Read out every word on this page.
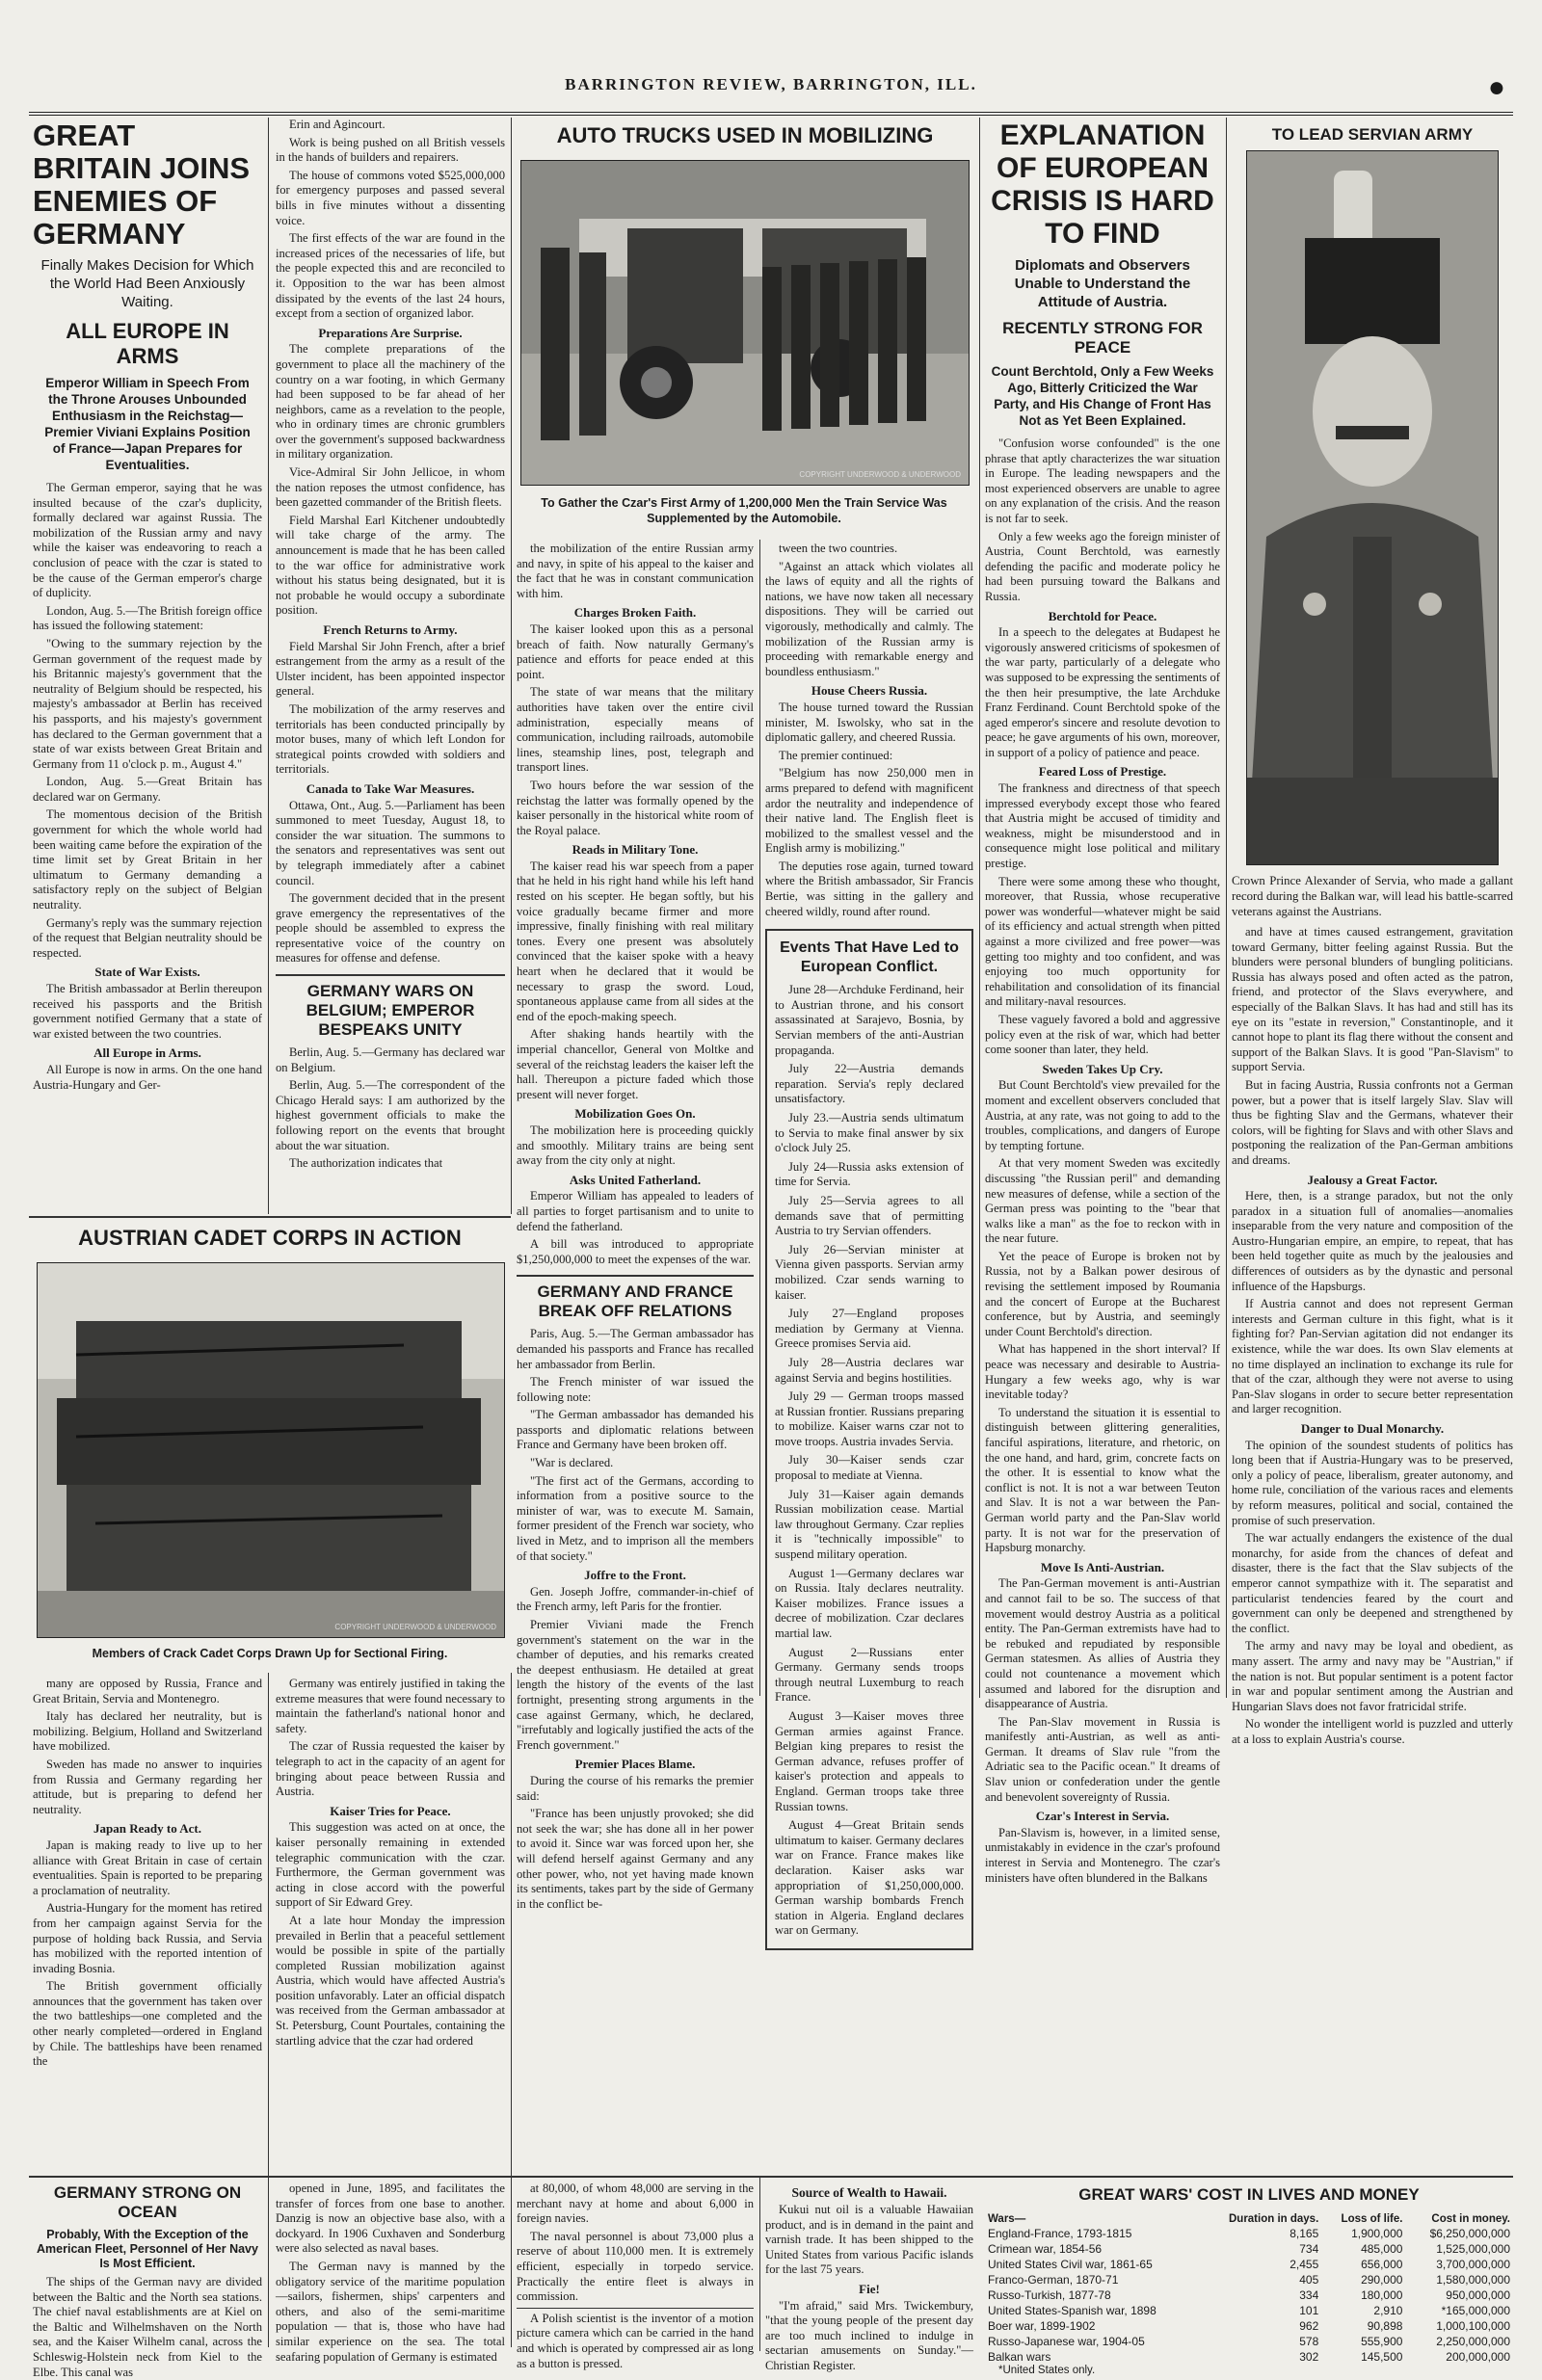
BARRINGTON REVIEW, BARRINGTON, ILL.	●
GREAT BRITAIN JOINS ENEMIES OF GERMANY
Finally Makes Decision for Which the World Had Been Anxiously Waiting.
ALL EUROPE IN ARMS
Emperor William in Speech From the Throne Arouses Unbounded Enthusiasm in the Reichstag—Premier Viviani Explains Position of France—Japan Prepares for Eventualities.

The German emperor, saying that he was insulted because of the czar's duplicity, formally declared war against Russia. The mobilization of the Russian army and navy while the kaiser was endeavoring to reach a conclusion of peace with the czar is stated to be the cause of the German emperor's charge of duplicity.

London, Aug. 5.—The British foreign office has issued the following statement:

"Owing to the summary rejection by the German government of the request made by his Britannic majesty's government that the neutrality of Belgium should be respected, his majesty's ambassador at Berlin has received his passports, and his majesty's government has declared to the German government that a state of war exists between Great Britain and Germany from 11 o'clock p. m., August 4."

London, Aug. 5.—Great Britain has declared war on Germany.

The momentous decision of the British government for which the whole world had been waiting came before the expiration of the time limit set by Great Britain in her ultimatum to Germany demanding a satisfactory reply on the subject of Belgian neutrality.

Germany's reply was the summary rejection of the request that Belgian neutrality should be respected.

State of War Exists.

The British ambassador at Berlin thereupon received his passports and the British government notified Germany that a state of war existed between the two countries.

All Europe in Arms.

All Europe is now in arms. On the one hand Austria-Hungary and Ger-

Erin and Agincourt.

Work is being pushed on all British vessels in the hands of builders and repairers.

The house of commons voted $525,000,000 for emergency purposes and passed several bills in five minutes without a dissenting voice.

The first effects of the war are found in the increased prices of the necessaries of life, but the people expected this and are reconciled to it. Opposition to the war has been almost dissipated by the events of the last 24 hours, except from a section of organized labor.

Preparations Are Surprise.

The complete preparations of the government to place all the machinery of the country on a war footing, in which Germany had been supposed to be far ahead of her neighbors, came as a revelation to the people, who in ordinary times are chronic grumblers over the government's supposed backwardness in military organization.

Vice-Admiral Sir John Jellicoe, in whom the nation reposes the utmost confidence, has been gazetted commander of the British fleets.

Field Marshal Earl Kitchener undoubtedly will take charge of the army. The announcement is made that he has been called to the war office for administrative work without his status being designated, but it is not probable he would occupy a subordinate position.

French Returns to Army.

Field Marshal Sir John French, after a brief estrangement from the army as a result of the Ulster incident, has been appointed inspector general.

The mobilization of the army reserves and territorials has been conducted principally by motor buses, many of which left London for strategical points crowded with soldiers and territorials.

Canada to Take War Measures.

Ottawa, Ont., Aug. 5.—Parliament has been summoned to meet Tuesday, August 18, to consider the war situation. The summons to the senators and representatives was sent out by telegraph immediately after a cabinet council.

The government decided that in the present grave emergency the representatives of the people should be assembled to express the representative voice of the country on measures for offense and defense.

GERMANY WARS ON BELGIUM; EMPEROR BESPEAKS UNITY

Berlin, Aug. 5.—Germany has declared war on Belgium.

Berlin, Aug. 5.—The correspondent of the Chicago Herald says: I am authorized by the highest government officials to make the following report on the events that brought about the war situation.

The authorization indicates that

AUTO TRUCKS USED IN MOBILIZING
COPYRIGHT UNDERWOOD & UNDERWOOD
To Gather the Czar's First Army of 1,200,000 Men the Train Service Was Supplemented by the Automobile.

the mobilization of the entire Russian army and navy, in spite of his appeal to the kaiser and the fact that he was in constant communication with him.

Charges Broken Faith.

The kaiser looked upon this as a personal breach of faith. Now naturally Germany's patience and efforts for peace ended at this point.

The state of war means that the military authorities have taken over the entire civil administration, especially means of communication, including railroads, automobile lines, steamship lines, post, telegraph and transport lines.

Two hours before the war session of the reichstag the latter was formally opened by the kaiser personally in the historical white room of the Royal palace.

Reads in Military Tone.

The kaiser read his war speech from a paper that he held in his right hand while his left hand rested on his scepter. He began softly, but his voice gradually became firmer and more impressive, finally finishing with real military tones. Every one present was absolutely convinced that the kaiser spoke with a heavy heart when he declared that it would be necessary to grasp the sword. Loud, spontaneous applause came from all sides at the end of the epoch-making speech.

After shaking hands heartily with the imperial chancellor, General von Moltke and several of the reichstag leaders the kaiser left the hall. Thereupon a picture faded which those present will never forget.

Mobilization Goes On.

The mobilization here is proceeding quickly and smoothly. Military trains are being sent away from the city only at night.

Asks United Fatherland.

Emperor William has appealed to leaders of all parties to forget partisanism and to unite to defend the fatherland.

A bill was introduced to appropriate $1,250,000,000 to meet the expenses of the war.

GERMANY AND FRANCE BREAK OFF RELATIONS

Paris, Aug. 5.—The German ambassador has demanded his passports and France has recalled her ambassador from Berlin.

The French minister of war issued the following note:

"The German ambassador has demanded his passports and diplomatic relations between France and Germany have been broken off.

"War is declared.

"The first act of the Germans, according to information from a positive source to the minister of war, was to execute M. Samain, former president of the French war society, who lived in Metz, and to imprison all the members of that society."

Joffre to the Front.

Gen. Joseph Joffre, commander-in-chief of the French army, left Paris for the frontier.

Premier Viviani made the French government's statement on the war in the chamber of deputies, and his remarks created the deepest enthusiasm. He detailed at great length the history of the events of the last fortnight, presenting strong arguments in the case against Germany, which, he declared, "irrefutably and logically justified the acts of the French government."

Premier Places Blame.

During the course of his remarks the premier said:

"France has been unjustly provoked; she did not seek the war; she has done all in her power to avoid it. Since war was forced upon her, she will defend herself against Germany and any other power, who, not yet having made known its sentiments, takes part by the side of Germany in the conflict be-

tween the two countries.

"Against an attack which violates all the laws of equity and all the rights of nations, we have now taken all necessary dispositions. They will be carried out vigorously, methodically and calmly. The mobilization of the Russian army is proceeding with remarkable energy and boundless enthusiasm."

House Cheers Russia.

The house turned toward the Russian minister, M. Iswolsky, who sat in the diplomatic gallery, and cheered Russia.

The premier continued:

"Belgium has now 250,000 men in arms prepared to defend with magnificent ardor the neutrality and independence of their native land. The English fleet is mobilized to the smallest vessel and the English army is mobilizing."

The deputies rose again, turned toward where the British ambassador, Sir Francis Bertie, was sitting in the gallery and cheered wildly, round after round.

Events That Have Led to European Conflict.

June 28—Archduke Ferdinand, heir to Austrian throne, and his consort assassinated at Sarajevo, Bosnia, by Servian members of the anti-Austrian propaganda.

July 22—Austria demands reparation. Servia's reply declared unsatisfactory.

July 23.—Austria sends ultimatum to Servia to make final answer by six o'clock July 25.

July 24—Russia asks extension of time for Servia.

July 25—Servia agrees to all demands save that of permitting Austria to try Servian offenders.

July 26—Servian minister at Vienna given passports. Servian army mobilized. Czar sends warning to kaiser.

July 27—England proposes mediation by Germany at Vienna. Greece promises Servia aid.

July 28—Austria declares war against Servia and begins hostilities.

July 29 — German troops massed at Russian frontier. Russians preparing to mobilize. Kaiser warns czar not to move troops. Austria invades Servia.

July 30—Kaiser sends czar proposal to mediate at Vienna.

July 31—Kaiser again demands Russian mobilization cease. Martial law throughout Germany. Czar replies it is "technically impossible" to suspend military operation.

August 1—Germany declares war on Russia. Italy declares neutrality. Kaiser mobilizes. France issues a decree of mobilization. Czar declares martial law.

August 2—Russians enter Germany. Germany sends troops through neutral Luxemburg to reach France.

August 3—Kaiser moves three German armies against France. Belgian king prepares to resist the German advance, refuses proffer of kaiser's protection and appeals to England. German troops take three Russian towns.

August 4—Great Britain sends ultimatum to kaiser. Germany declares war on France. France makes like declaration. Kaiser asks war appropriation of $1,250,000,000. German warship bombards French station in Algeria. England declares war on Germany.

EXPLANATION OF EUROPEAN CRISIS IS HARD TO FIND
Diplomats and Observers Unable to Understand the Attitude of Austria.
RECENTLY STRONG FOR PEACE
Count Berchtold, Only a Few Weeks Ago, Bitterly Criticized the War Party, and His Change of Front Has Not as Yet Been Explained.

"Confusion worse confounded" is the one phrase that aptly characterizes the war situation in Europe. The leading newspapers and the most experienced observers are unable to agree on any explanation of the crisis. And the reason is not far to seek.

Only a few weeks ago the foreign minister of Austria, Count Berchtold, was earnestly defending the pacific and moderate policy he had been pursuing toward the Balkans and Russia.

Berchtold for Peace.

In a speech to the delegates at Budapest he vigorously answered criticisms of spokesmen of the war party, particularly of a delegate who was supposed to be expressing the sentiments of the then heir presumptive, the late Archduke Franz Ferdinand. Count Berchtold spoke of the aged emperor's sincere and resolute devotion to peace; he gave arguments of his own, moreover, in support of a policy of patience and peace.

Feared Loss of Prestige.

The frankness and directness of that speech impressed everybody except those who feared that Austria might be accused of timidity and weakness, might be misunderstood and in consequence might lose political and military prestige.

There were some among these who thought, moreover, that Russia, whose recuperative power was wonderful—whatever might be said of its efficiency and actual strength when pitted against a more civilized and free power—was getting too mighty and too confident, and was enjoying too much opportunity for rehabilitation and consolidation of its financial and military-naval resources.

These vaguely favored a bold and aggressive policy even at the risk of war, which had better come sooner than later, they held.

Sweden Takes Up Cry.

But Count Berchtold's view prevailed for the moment and excellent observers concluded that Austria, at any rate, was not going to add to the troubles, complications, and dangers of Europe by tempting fortune.

At that very moment Sweden was excitedly discussing "the Russian peril" and demanding new measures of defense, while a section of the German press was pointing to the "bear that walks like a man" as the foe to reckon with in the near future.

Yet the peace of Europe is broken not by Russia, not by a Balkan power desirous of revising the settlement imposed by Roumania and the concert of Europe at the Bucharest conference, but by Austria, and seemingly under Count Berchtold's direction.

What has happened in the short interval? If peace was necessary and desirable to Austria-Hungary a few weeks ago, why is war inevitable today?

To understand the situation it is essential to distinguish between glittering generalities, fanciful aspirations, literature, and rhetoric, on the one hand, and hard, grim, concrete facts on the other. It is essential to know what the conflict is not. It is not a war between Teuton and Slav. It is not a war between the Pan-German world party and the Pan-Slav world party. It is not war for the preservation of Hapsburg monarchy.

Move Is Anti-Austrian.

The Pan-German movement is anti-Austrian and cannot fail to be so. The success of that movement would destroy Austria as a political entity. The Pan-German extremists have had to be rebuked and repudiated by responsible German statesmen. As allies of Austria they could not countenance a movement which assumed and labored for the disruption and disappearance of Austria.

The Pan-Slav movement in Russia is manifestly anti-Austrian, as well as anti-German. It dreams of Slav rule "from the Adriatic sea to the Pacific ocean." It dreams of Slav union or confederation under the gentle and benevolent sovereignty of Russia.

Czar's Interest in Servia.

Pan-Slavism is, however, in a limited sense, unmistakably in evidence in the czar's profound interest in Servia and Montenegro. The czar's ministers have often blundered in the Balkans

TO LEAD SERVIAN ARMY
Crown Prince Alexander of Servia, who made a gallant record during the Balkan war, will lead his battle-scarred veterans against the Austrians.

and have at times caused estrangement, gravitation toward Germany, bitter feeling against Russia. But the blunders were personal blunders of bungling politicians. Russia has always posed and often acted as the patron, friend, and protector of the Slavs everywhere, and especially of the Balkan Slavs. It has had and still has its eye on its "estate in reversion," Constantinople, and it cannot hope to plant its flag there without the consent and support of the Balkan Slavs. It is good "Pan-Slavism" to support Servia.

But in facing Austria, Russia confronts not a German power, but a power that is itself largely Slav. Slav will thus be fighting Slav and the Germans, whatever their colors, will be fighting for Slavs and with other Slavs and postponing the realization of the Pan-German ambitions and dreams.

Jealousy a Great Factor.

Here, then, is a strange paradox, but not the only paradox in a situation full of anomalies—anomalies inseparable from the very nature and composition of the Austro-Hungarian empire, an empire, to repeat, that has been held together quite as much by the jealousies and differences of outsiders as by the dynastic and personal influence of the Hapsburgs.

If Austria cannot and does not represent German interests and German culture in this fight, what is it fighting for? Pan-Servian agitation did not endanger its existence, while the war does. Its own Slav elements at no time displayed an inclination to exchange its rule for that of the czar, although they were not averse to using Pan-Slav slogans in order to secure better representation and larger recognition.

Danger to Dual Monarchy.

The opinion of the soundest students of politics has long been that if Austria-Hungary was to be preserved, only a policy of peace, liberalism, greater autonomy, and home rule, conciliation of the various races and elements by reform measures, political and social, contained the promise of such preservation.

The war actually endangers the existence of the dual monarchy, for aside from the chances of defeat and disaster, there is the fact that the Slav subjects of the emperor cannot sympathize with it. The separatist and particularist tendencies feared by the court and government can only be deepened and strengthened by the conflict.

The army and navy may be loyal and obedient, as many assert. The army and navy may be "Austrian," if the nation is not. But popular sentiment is a potent factor in war and popular sentiment among the Austrian and Hungarian Slavs does not favor fratricidal strife.

No wonder the intelligent world is puzzled and utterly at a loss to explain Austria's course.

AUSTRIAN CADET CORPS IN ACTION
COPYRIGHT UNDERWOOD & UNDERWOOD
Members of Crack Cadet Corps Drawn Up for Sectional Firing.

many are opposed by Russia, France and Great Britain, Servia and Montenegro.

Italy has declared her neutrality, but is mobilizing. Belgium, Holland and Switzerland have mobilized.

Sweden has made no answer to inquiries from Russia and Germany regarding her attitude, but is preparing to defend her neutrality.

Japan Ready to Act.

Japan is making ready to live up to her alliance with Great Britain in case of certain eventualities. Spain is reported to be preparing a proclamation of neutrality.

Austria-Hungary for the moment has retired from her campaign against Servia for the purpose of holding back Russia, and Servia has mobilized with the reported intention of invading Bosnia.

The British government officially announces that the government has taken over the two battleships—one completed and the other nearly completed—ordered in England by Chile. The battleships have been renamed the

Germany was entirely justified in taking the extreme measures that were found necessary to maintain the fatherland's national honor and safety.

The czar of Russia requested the kaiser by telegraph to act in the capacity of an agent for bringing about peace between Russia and Austria.

Kaiser Tries for Peace.

This suggestion was acted on at once, the kaiser personally remaining in extended telegraphic communication with the czar. Furthermore, the German government was acting in close accord with the powerful support of Sir Edward Grey.

At a late hour Monday the impression prevailed in Berlin that a peaceful settlement would be possible in spite of the partially completed Russian mobilization against Austria, which would have affected Austria's position unfavorably. Later an official dispatch was received from the German ambassador at St. Petersburg, Count Pourtales, containing the startling advice that the czar had ordered

GERMANY STRONG ON OCEAN
Probably, With the Exception of the American Fleet, Personnel of Her Navy Is Most Efficient.

The ships of the German navy are divided between the Baltic and the North sea stations. The chief naval establishments are at Kiel on the Baltic and Wilhelmshaven on the North sea, and the Kaiser Wilhelm canal, across the Schleswig-Holstein neck from Kiel to the Elbe. This canal was

opened in June, 1895, and facilitates the transfer of forces from one base to another. Danzig is now an objective base also, with a dockyard. In 1906 Cuxhaven and Sonderburg were also selected as naval bases.

The German navy is manned by the obligatory service of the maritime population—sailors, fishermen, ships' carpenters and others, and also of the semi-maritime population — that is, those who have had similar experience on the sea. The total seafaring population of Germany is estimated

at 80,000, of whom 48,000 are serving in the merchant navy at home and about 6,000 in foreign navies.

The naval personnel is about 73,000 plus a reserve of about 110,000 men. It is extremely efficient, especially in torpedo service. Practically the entire fleet is always in commission.

A Polish scientist is the inventor of a motion picture camera which can be carried in the hand and which is operated by compressed air as long as a button is pressed.

Source of Wealth to Hawaii.

Kukui nut oil is a valuable Hawaiian product, and is in demand in the paint and varnish trade. It has been shipped to the United States from various Pacific islands for the last 75 years.

Fie!

"I'm afraid," said Mrs. Twickembury, "that the young people of the present day are too much inclined to indulge in sectarian amusements on Sunday."—Christian Register.

GREAT WARS' COST IN LIVES AND MONEY
Wars—	Duration in days.	Loss of life.	Cost in money.
England-France, 1793-1815	8,165	1,900,000	$6,250,000,000
Crimean war, 1854-56	734	485,000	1,525,000,000
United States Civil war, 1861-65	2,455	656,000	3,700,000,000
Franco-German, 1870-71	405	290,000	1,580,000,000
Russo-Turkish, 1877-78	334	180,000	950,000,000
United States-Spanish war, 1898	101	2,910	*165,000,000
Boer war, 1899-1902	962	90,898	1,000,100,000
Russo-Japanese war, 1904-05	578	555,900	2,250,000,000
Balkan wars	302	145,500	200,000,000
*United States only.
